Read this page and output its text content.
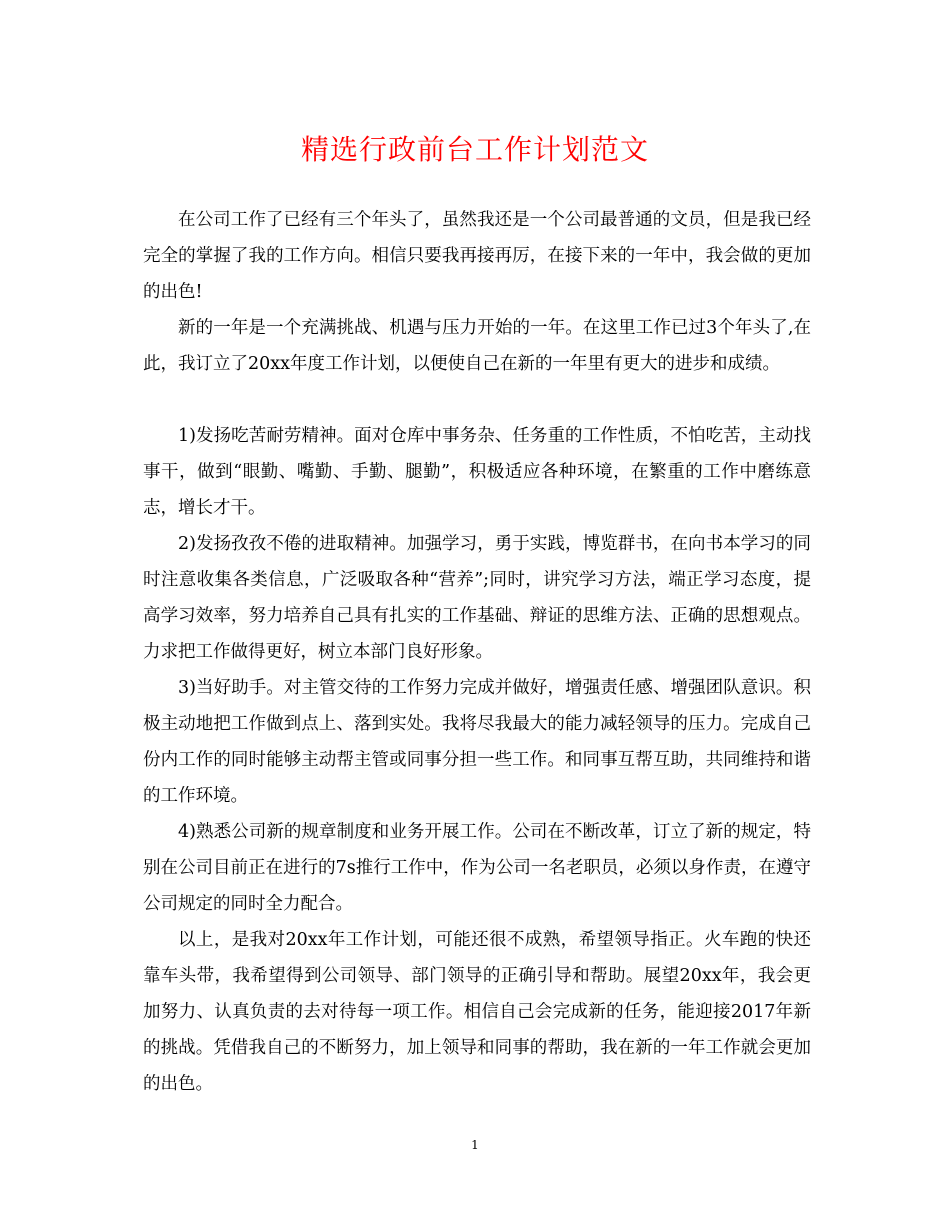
精选行政前台工作计划范文

在公司工作了已经有三个年头了，虽然我还是一个公司最普通的文员，但是我已经完全的掌握了我的工作方向。相信只要我再接再厉，在接下来的一年中，我会做的更加的出色!

新的一年是一个充满挑战、机遇与压力开始的一年。在这里工作已过3个年头了,在此，我订立了20xx年度工作计划，以便使自己在新的一年里有更大的进步和成绩。

1)发扬吃苦耐劳精神。面对仓库中事务杂、任务重的工作性质，不怕吃苦，主动找事干，做到“眼勤、嘴勤、手勤、腿勤”，积极适应各种环境，在繁重的工作中磨练意志，增长才干。

2)发扬孜孜不倦的进取精神。加强学习，勇于实践，博览群书，在向书本学习的同时注意收集各类信息，广泛吸取各种“营养”;同时，讲究学习方法，端正学习态度，提高学习效率，努力培养自己具有扎实的工作基础、辩证的思维方法、正确的思想观点。力求把工作做得更好，树立本部门良好形象。

3)当好助手。对主管交待的工作努力完成并做好，增强责任感、增强团队意识。积极主动地把工作做到点上、落到实处。我将尽我最大的能力减轻领导的压力。完成自己份内工作的同时能够主动帮主管或同事分担一些工作。和同事互帮互助，共同维持和谐的工作环境。

4)熟悉公司新的规章制度和业务开展工作。公司在不断改革，订立了新的规定，特别在公司目前正在进行的7s推行工作中，作为公司一名老职员，必须以身作责，在遵守公司规定的同时全力配合。

以上，是我对20xx年工作计划，可能还很不成熟，希望领导指正。火车跑的快还靠车头带，我希望得到公司领导、部门领导的正确引导和帮助。展望20xx年，我会更加努力、认真负责的去对待每一项工作。相信自己会完成新的任务，能迎接2017年新的挑战。凭借我自己的不断努力，加上领导和同事的帮助，我在新的一年工作就会更加的出色。

1
